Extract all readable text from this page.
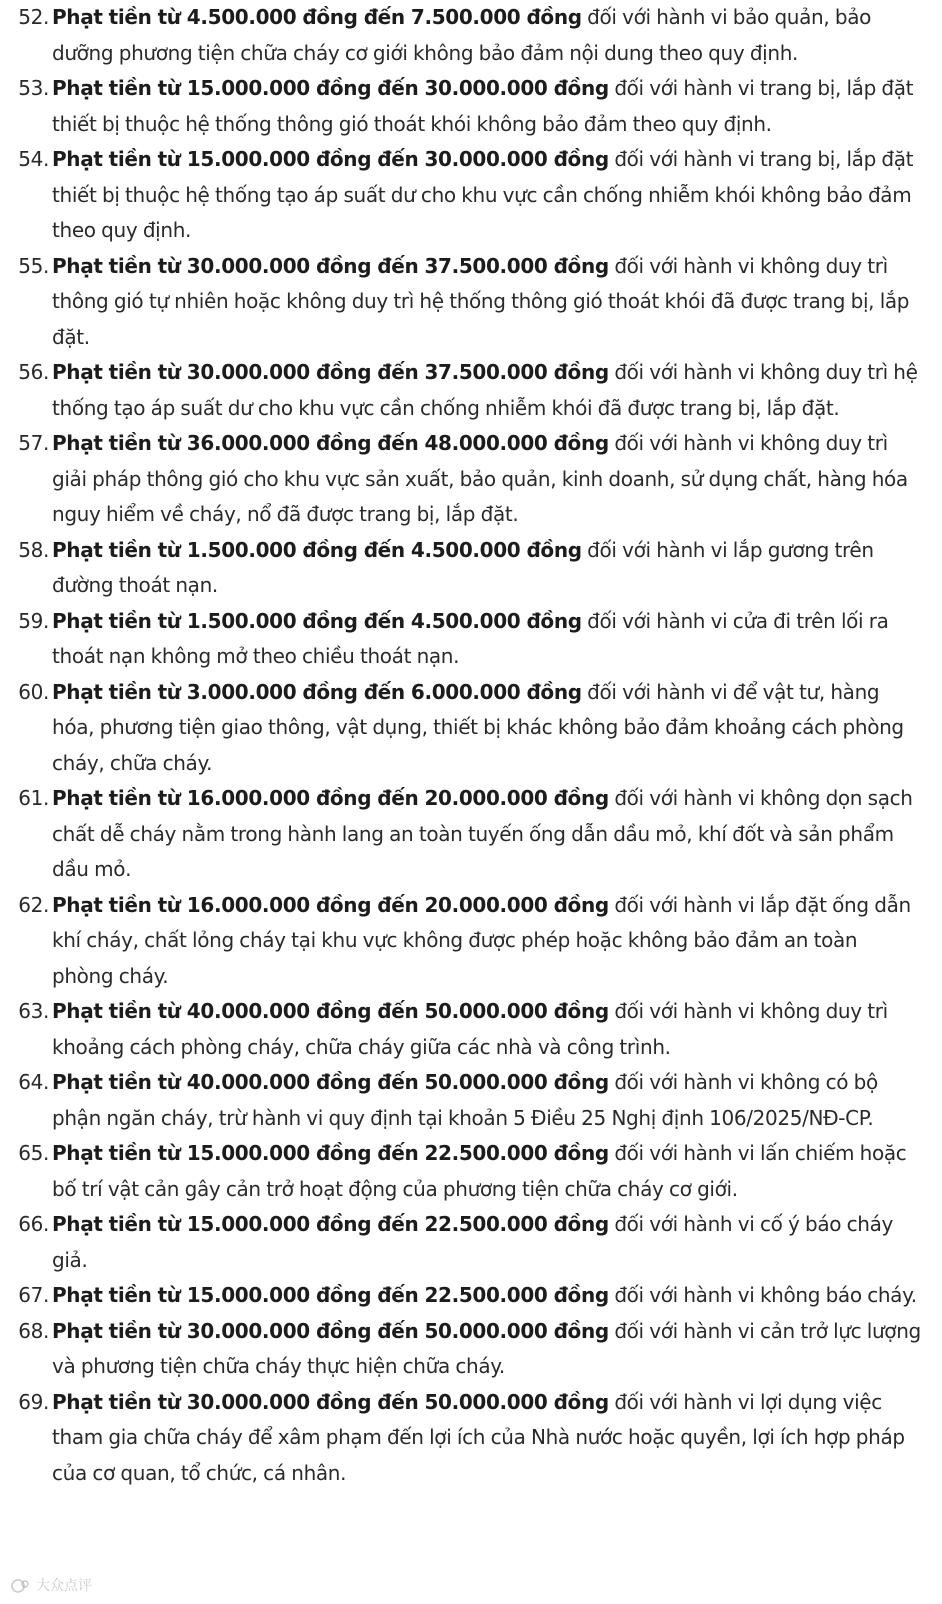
52. Phạt tiền từ 4.500.000 đồng đến 7.500.000 đồng đối với hành vi bảo quản, bảo dưỡng phương tiện chữa cháy cơ giới không bảo đảm nội dung theo quy định.
53. Phạt tiền từ 15.000.000 đồng đến 30.000.000 đồng đối với hành vi trang bị, lắp đặt thiết bị thuộc hệ thống thông gió thoát khói không bảo đảm theo quy định.
54. Phạt tiền từ 15.000.000 đồng đến 30.000.000 đồng đối với hành vi trang bị, lắp đặt thiết bị thuộc hệ thống tạo áp suất dư cho khu vực cần chống nhiễm khói không bảo đảm theo quy định.
55. Phạt tiền từ 30.000.000 đồng đến 37.500.000 đồng đối với hành vi không duy trì thông gió tự nhiên hoặc không duy trì hệ thống thông gió thoát khói đã được trang bị, lắp đặt.
56. Phạt tiền từ 30.000.000 đồng đến 37.500.000 đồng đối với hành vi không duy trì hệ thống tạo áp suất dư cho khu vực cần chống nhiễm khói đã được trang bị, lắp đặt.
57. Phạt tiền từ 36.000.000 đồng đến 48.000.000 đồng đối với hành vi không duy trì giải pháp thông gió cho khu vực sản xuất, bảo quản, kinh doanh, sử dụng chất, hàng hóa nguy hiểm về cháy, nổ đã được trang bị, lắp đặt.
58. Phạt tiền từ 1.500.000 đồng đến 4.500.000 đồng đối với hành vi lắp gương trên đường thoát nạn.
59. Phạt tiền từ 1.500.000 đồng đến 4.500.000 đồng đối với hành vi cửa đi trên lối ra thoát nạn không mở theo chiều thoát nạn.
60. Phạt tiền từ 3.000.000 đồng đến 6.000.000 đồng đối với hành vi để vật tư, hàng hóa, phương tiện giao thông, vật dụng, thiết bị khác không bảo đảm khoảng cách phòng cháy, chữa cháy.
61. Phạt tiền từ 16.000.000 đồng đến 20.000.000 đồng đối với hành vi không dọn sạch chất dễ cháy nằm trong hành lang an toàn tuyến ống dẫn dầu mỏ, khí đốt và sản phẩm dầu mỏ.
62. Phạt tiền từ 16.000.000 đồng đến 20.000.000 đồng đối với hành vi lắp đặt ống dẫn khí cháy, chất lỏng cháy tại khu vực không được phép hoặc không bảo đảm an toàn phòng cháy.
63. Phạt tiền từ 40.000.000 đồng đến 50.000.000 đồng đối với hành vi không duy trì khoảng cách phòng cháy, chữa cháy giữa các nhà và công trình.
64. Phạt tiền từ 40.000.000 đồng đến 50.000.000 đồng đối với hành vi không có bộ phận ngăn cháy, trừ hành vi quy định tại khoản 5 Điều 25 Nghị định 106/2025/NĐ-CP.
65. Phạt tiền từ 15.000.000 đồng đến 22.500.000 đồng đối với hành vi lấn chiếm hoặc bố trí vật cản gây cản trở hoạt động của phương tiện chữa cháy cơ giới.
66. Phạt tiền từ 15.000.000 đồng đến 22.500.000 đồng đối với hành vi cố ý báo cháy giả.
67. Phạt tiền từ 15.000.000 đồng đến 22.500.000 đồng đối với hành vi không báo cháy.
68. Phạt tiền từ 30.000.000 đồng đến 50.000.000 đồng đối với hành vi cản trở lực lượng và phương tiện chữa cháy thực hiện chữa cháy.
69. Phạt tiền từ 30.000.000 đồng đến 50.000.000 đồng đối với hành vi lợi dụng việc tham gia chữa cháy để xâm phạm đến lợi ích của Nhà nước hoặc quyền, lợi ích hợp pháp của cơ quan, tổ chức, cá nhân.
大众点评
